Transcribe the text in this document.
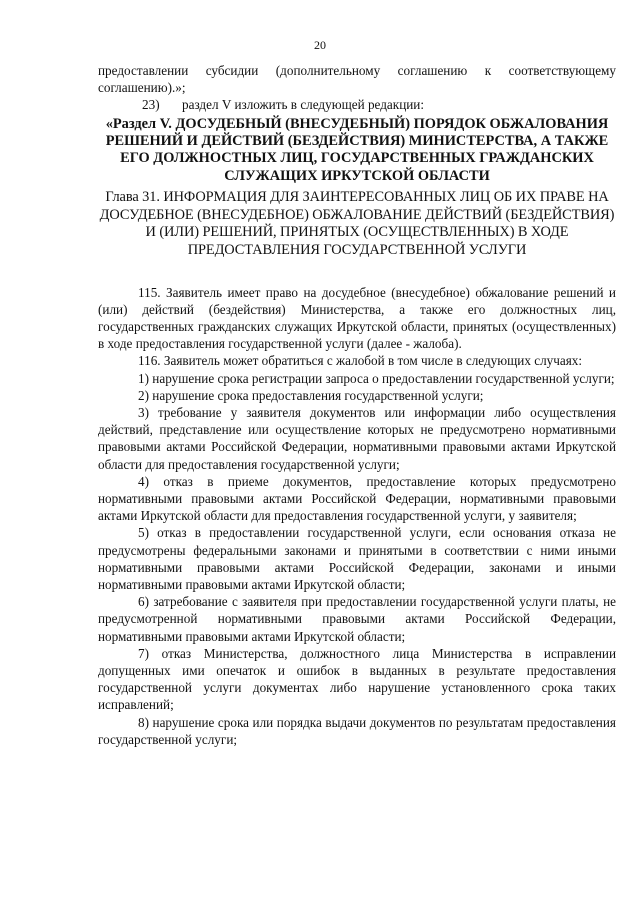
20

предоставлении субсидии (дополнительному соглашению к соответствующему соглашению).»;

23) раздел V изложить в следующей редакции:

«Раздел V. ДОСУДЕБНЫЙ (ВНЕСУДЕБНЫЙ) ПОРЯДОК ОБЖАЛОВАНИЯ РЕШЕНИЙ И ДЕЙСТВИЙ (БЕЗДЕЙСТВИЯ) МИНИСТЕРСТВА, А ТАКЖЕ ЕГО ДОЛЖНОСТНЫХ ЛИЦ, ГОСУДАРСТВЕННЫХ ГРАЖДАНСКИХ СЛУЖАЩИХ ИРКУТСКОЙ ОБЛАСТИ

Глава 31. ИНФОРМАЦИЯ ДЛЯ ЗАИНТЕРЕСОВАННЫХ ЛИЦ ОБ ИХ ПРАВЕ НА ДОСУДЕБНОЕ (ВНЕСУДЕБНОЕ) ОБЖАЛОВАНИЕ ДЕЙСТВИЙ (БЕЗДЕЙСТВИЯ) И (ИЛИ) РЕШЕНИЙ, ПРИНЯТЫХ (ОСУЩЕСТВЛЕННЫХ) В ХОДЕ ПРЕДОСТАВЛЕНИЯ ГОСУДАРСТВЕННОЙ УСЛУГИ

115. Заявитель имеет право на досудебное (внесудебное) обжалование решений и (или) действий (бездействия) Министерства, а также его должностных лиц, государственных гражданских служащих Иркутской области, принятых (осуществленных) в ходе предоставления государственной услуги (далее - жалоба).

116. Заявитель может обратиться с жалобой в том числе в следующих случаях:

1) нарушение срока регистрации запроса о предоставлении государственной услуги;

2) нарушение срока предоставления государственной услуги;

3) требование у заявителя документов или информации либо осуществления действий, представление или осуществление которых не предусмотрено нормативными правовыми актами Российской Федерации, нормативными правовыми актами Иркутской области для предоставления государственной услуги;

4) отказ в приеме документов, предоставление которых предусмотрено нормативными правовыми актами Российской Федерации, нормативными правовыми актами Иркутской области для предоставления государственной услуги, у заявителя;

5) отказ в предоставлении государственной услуги, если основания отказа не предусмотрены федеральными законами и принятыми в соответствии с ними иными нормативными правовыми актами Российской Федерации, законами и иными нормативными правовыми актами Иркутской области;

6) затребование с заявителя при предоставлении государственной услуги платы, не предусмотренной нормативными правовыми актами Российской Федерации, нормативными правовыми актами Иркутской области;

7) отказ Министерства, должностного лица Министерства в исправлении допущенных ими опечаток и ошибок в выданных в результате предоставления государственной услуги документах либо нарушение установленного срока таких исправлений;

8) нарушение срока или порядка выдачи документов по результатам предоставления государственной услуги;
